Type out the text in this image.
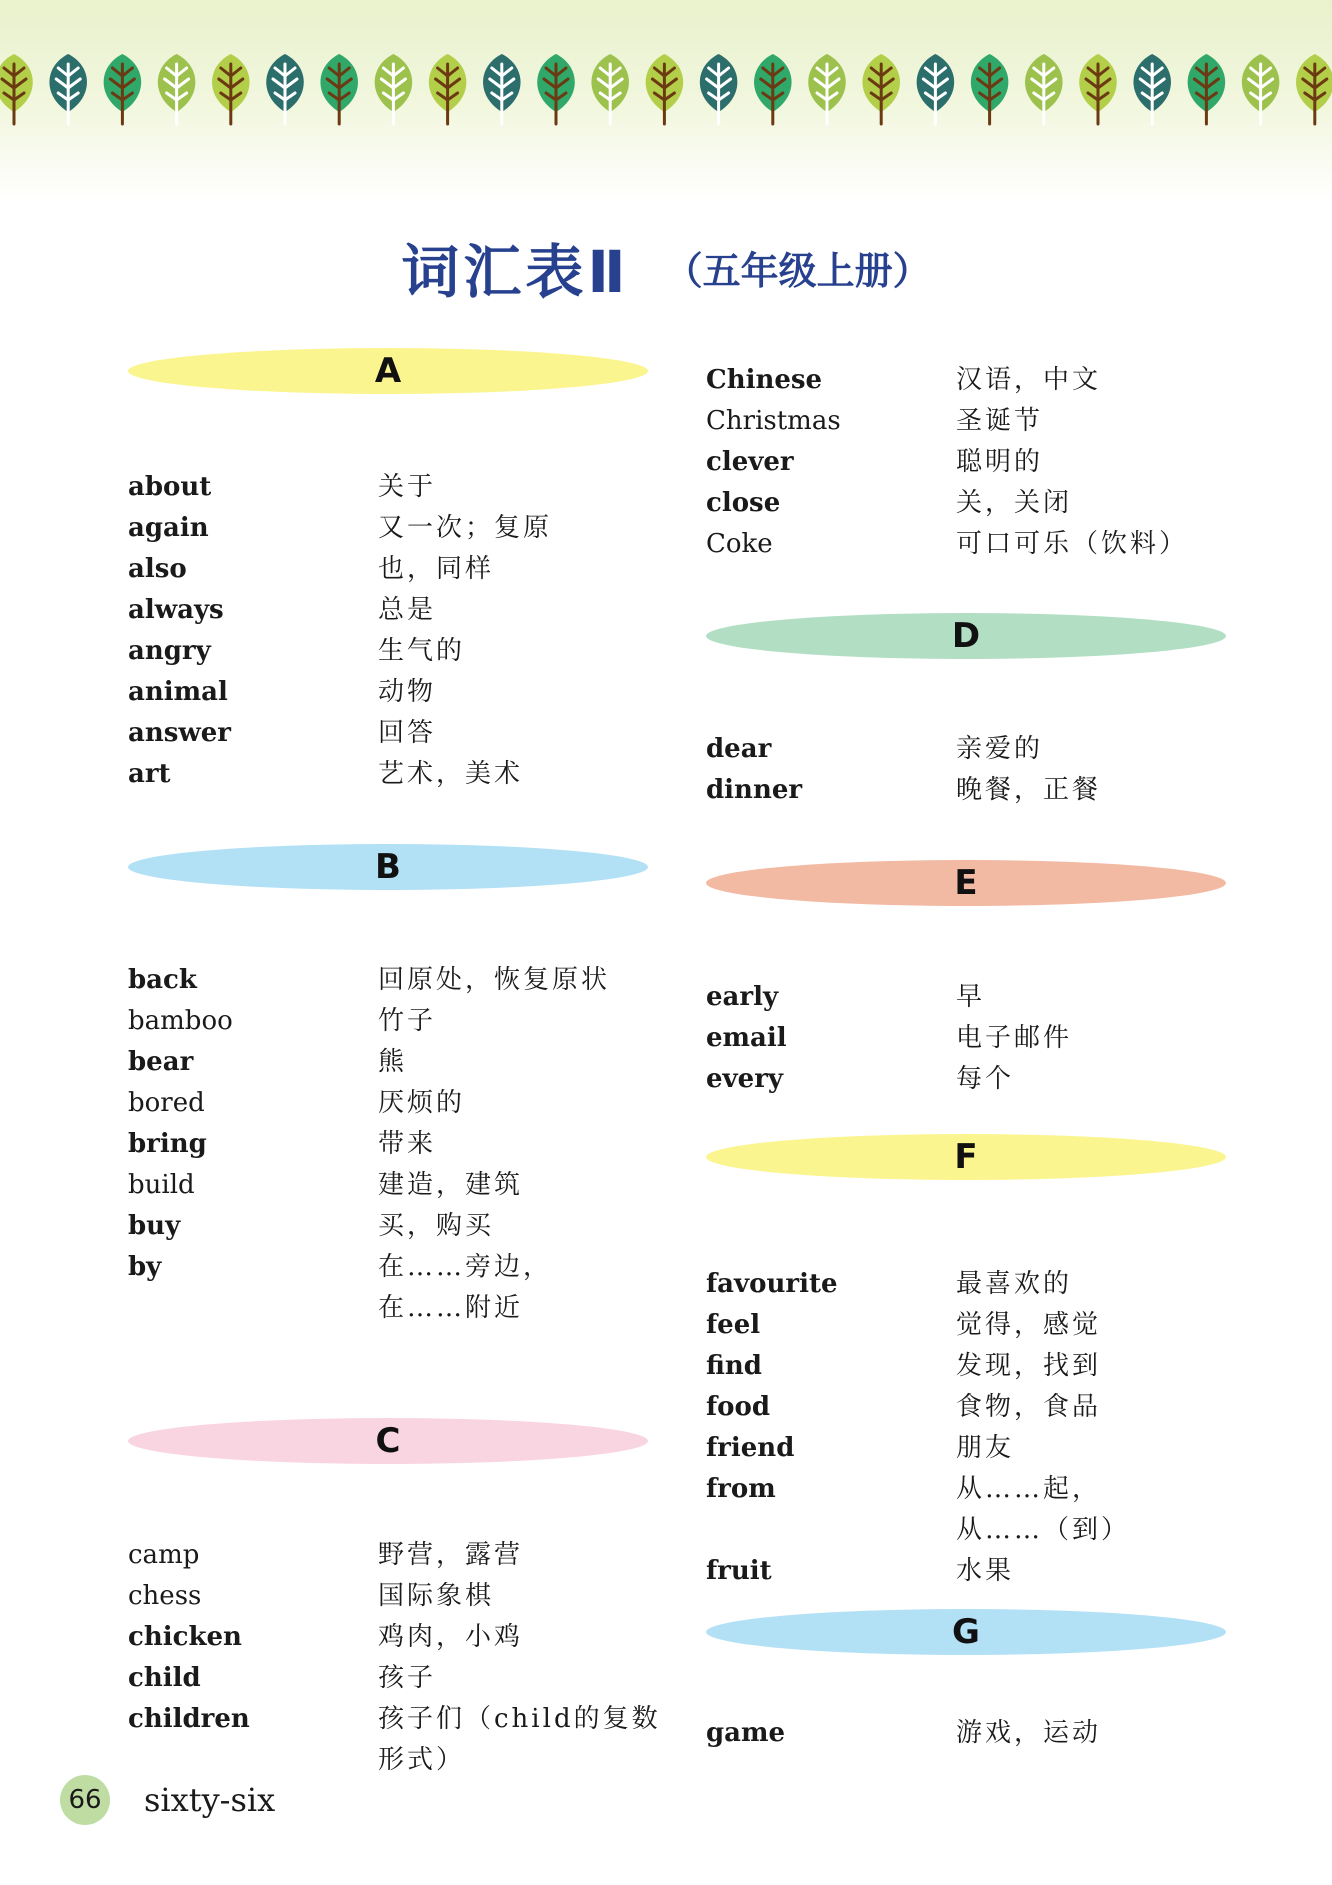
词汇表Ⅱ （五年级上册）
A
about	关于
again	又一次；复原
also	也，同样
always	总是
angry	生气的
animal	动物
answer	回答
art	艺术，美术
B
back	回原处，恢复原状
bamboo	竹子
bear	熊
bored	厌烦的
bring	带来
build	建造，建筑
buy	买，购买
by	在……旁边，
在……附近
C
camp	野营，露营
chess	国际象棋
chicken	鸡肉，小鸡
child	孩子
children	孩子们（child的复数
形式）
Chinese	汉语，中文
Christmas	圣诞节
clever	聪明的
close	关，关闭
Coke	可口可乐（饮料）
D
dear	亲爱的
dinner	晚餐，正餐
E
early	早
email	电子邮件
every	每个
F
favourite	最喜欢的
feel	觉得，感觉
find	发现，找到
food	食物，食品
friend	朋友
from	从……起，
从……（到）
fruit	水果
G
game	游戏，运动
66 sixty-six
